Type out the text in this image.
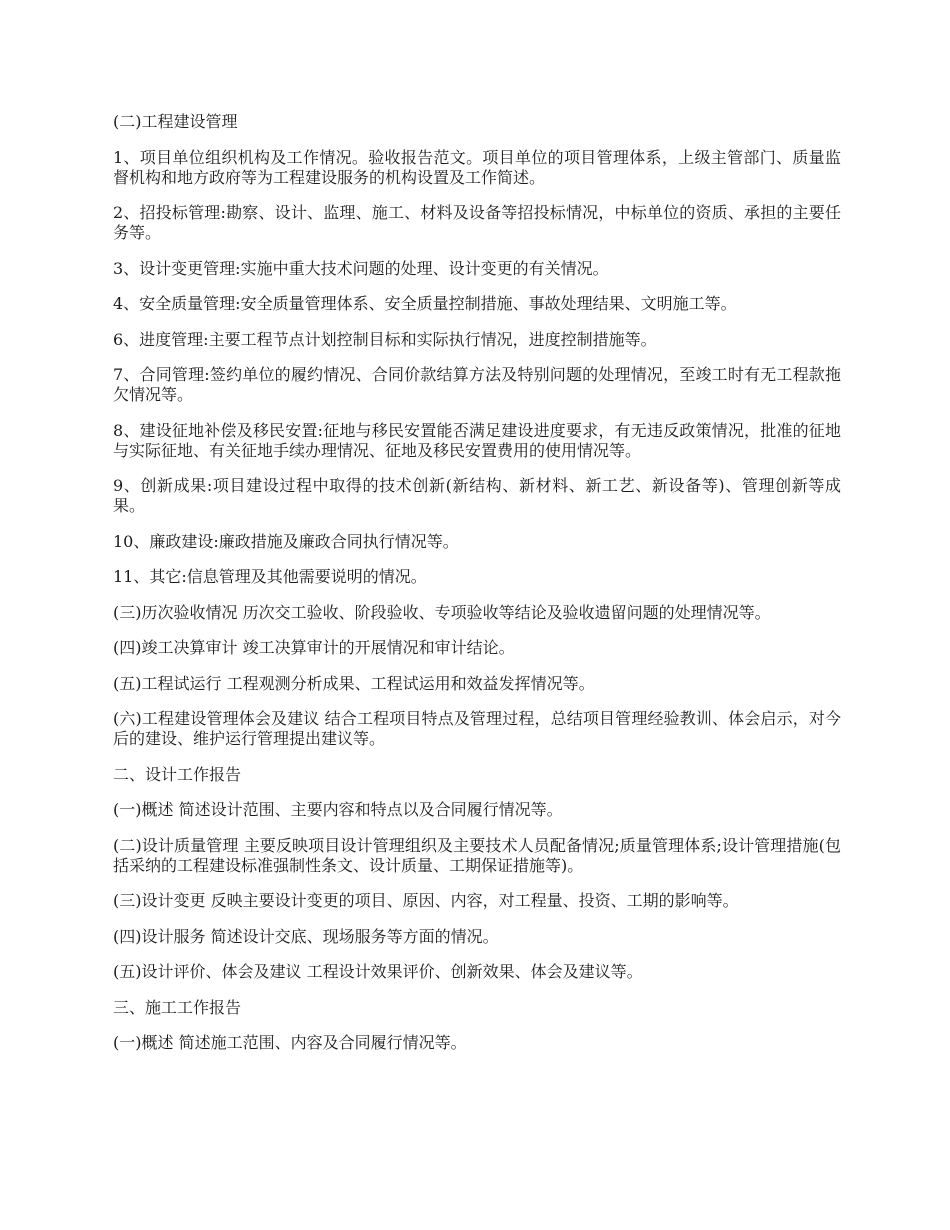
(二)工程建设管理

1、项目单位组织机构及工作情况。验收报告范文。项目单位的项目管理体系，上级主管部门、质量监督机构和地方政府等为工程建设服务的机构设置及工作简述。

2、招投标管理:勘察、设计、监理、施工、材料及设备等招投标情况，中标单位的资质、承担的主要任务等。

3、设计变更管理:实施中重大技术问题的处理、设计变更的有关情况。

4、安全质量管理:安全质量管理体系、安全质量控制措施、事故处理结果、文明施工等。

6、进度管理:主要工程节点计划控制目标和实际执行情况，进度控制措施等。

7、合同管理:签约单位的履约情况、合同价款结算方法及特别问题的处理情况，至竣工时有无工程款拖欠情况等。

8、建设征地补偿及移民安置:征地与移民安置能否满足建设进度要求，有无违反政策情况，批准的征地与实际征地、有关征地手续办理情况、征地及移民安置费用的使用情况等。

9、创新成果:项目建设过程中取得的技术创新(新结构、新材料、新工艺、新设备等)、管理创新等成果。

10、廉政建设:廉政措施及廉政合同执行情况等。

11、其它:信息管理及其他需要说明的情况。

(三)历次验收情况 历次交工验收、阶段验收、专项验收等结论及验收遗留问题的处理情况等。

(四)竣工决算审计 竣工决算审计的开展情况和审计结论。

(五)工程试运行 工程观测分析成果、工程试运用和效益发挥情况等。

(六)工程建设管理体会及建议 结合工程项目特点及管理过程，总结项目管理经验教训、体会启示，对今后的建设、维护运行管理提出建议等。

二、设计工作报告

(一)概述 简述设计范围、主要内容和特点以及合同履行情况等。

(二)设计质量管理 主要反映项目设计管理组织及主要技术人员配备情况;质量管理体系;设计管理措施(包括采纳的工程建设标准强制性条文、设计质量、工期保证措施等)。

(三)设计变更 反映主要设计变更的项目、原因、内容，对工程量、投资、工期的影响等。

(四)设计服务 简述设计交底、现场服务等方面的情况。

(五)设计评价、体会及建议 工程设计效果评价、创新效果、体会及建议等。

三、施工工作报告

(一)概述 简述施工范围、内容及合同履行情况等。
